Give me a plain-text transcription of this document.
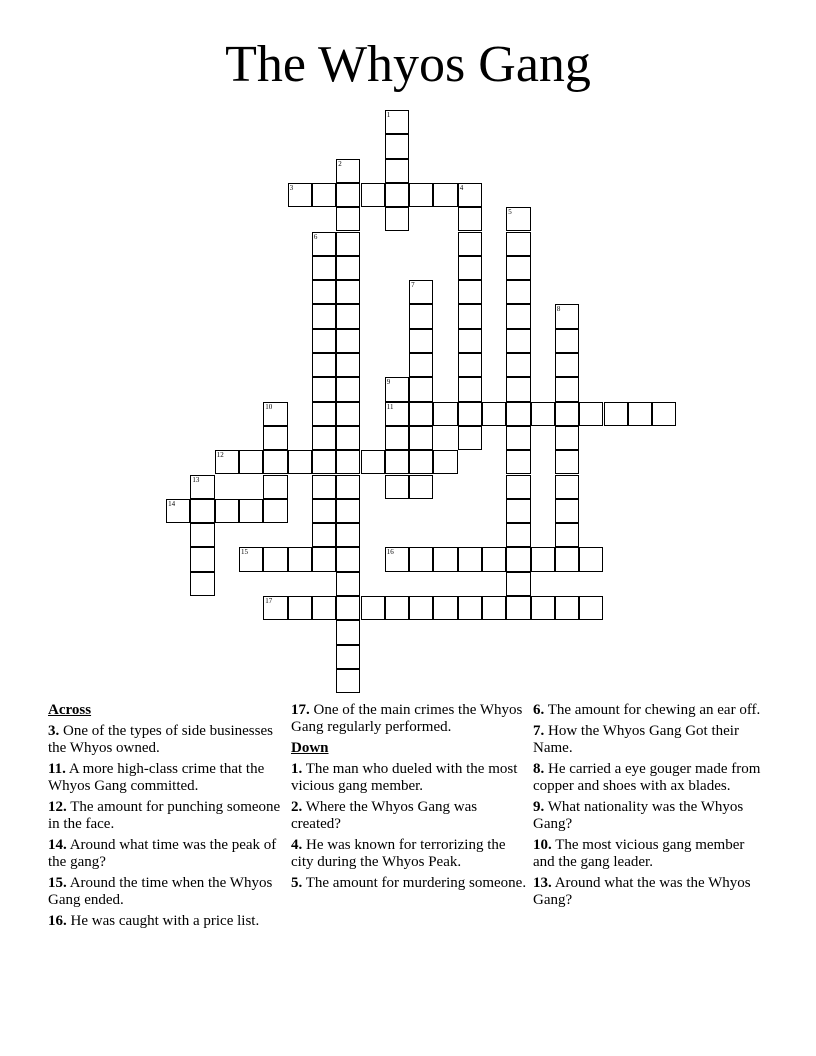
The Whyos Gang
1
2
3	4
5
6
7
8
9
11
10
12
13
14
15	16
17
Across
3. One of the types of side businesses the Whyos owned.
11. A more high-class crime that the Whyos Gang committed.
12. The amount for punching someone in the face.
14. Around what time was the peak of the gang?
15. Around the time when the Whyos Gang ended.
16. He was caught with a price list.
17. One of the main crimes the Whyos Gang regularly performed.
Down
1. The man who dueled with the most vicious gang member.
2. Where the Whyos Gang was created?
4. He was known for terrorizing the city during the Whyos Peak.
5. The amount for murdering someone.
6. The amount for chewing an ear off.
7. How the Whyos Gang Got their Name.
8. He carried a eye gouger made from copper and shoes with ax blades.
9. What nationality was the Whyos Gang?
10. The most vicious gang member and the gang leader.
13. Around what the was the Whyos Gang?
